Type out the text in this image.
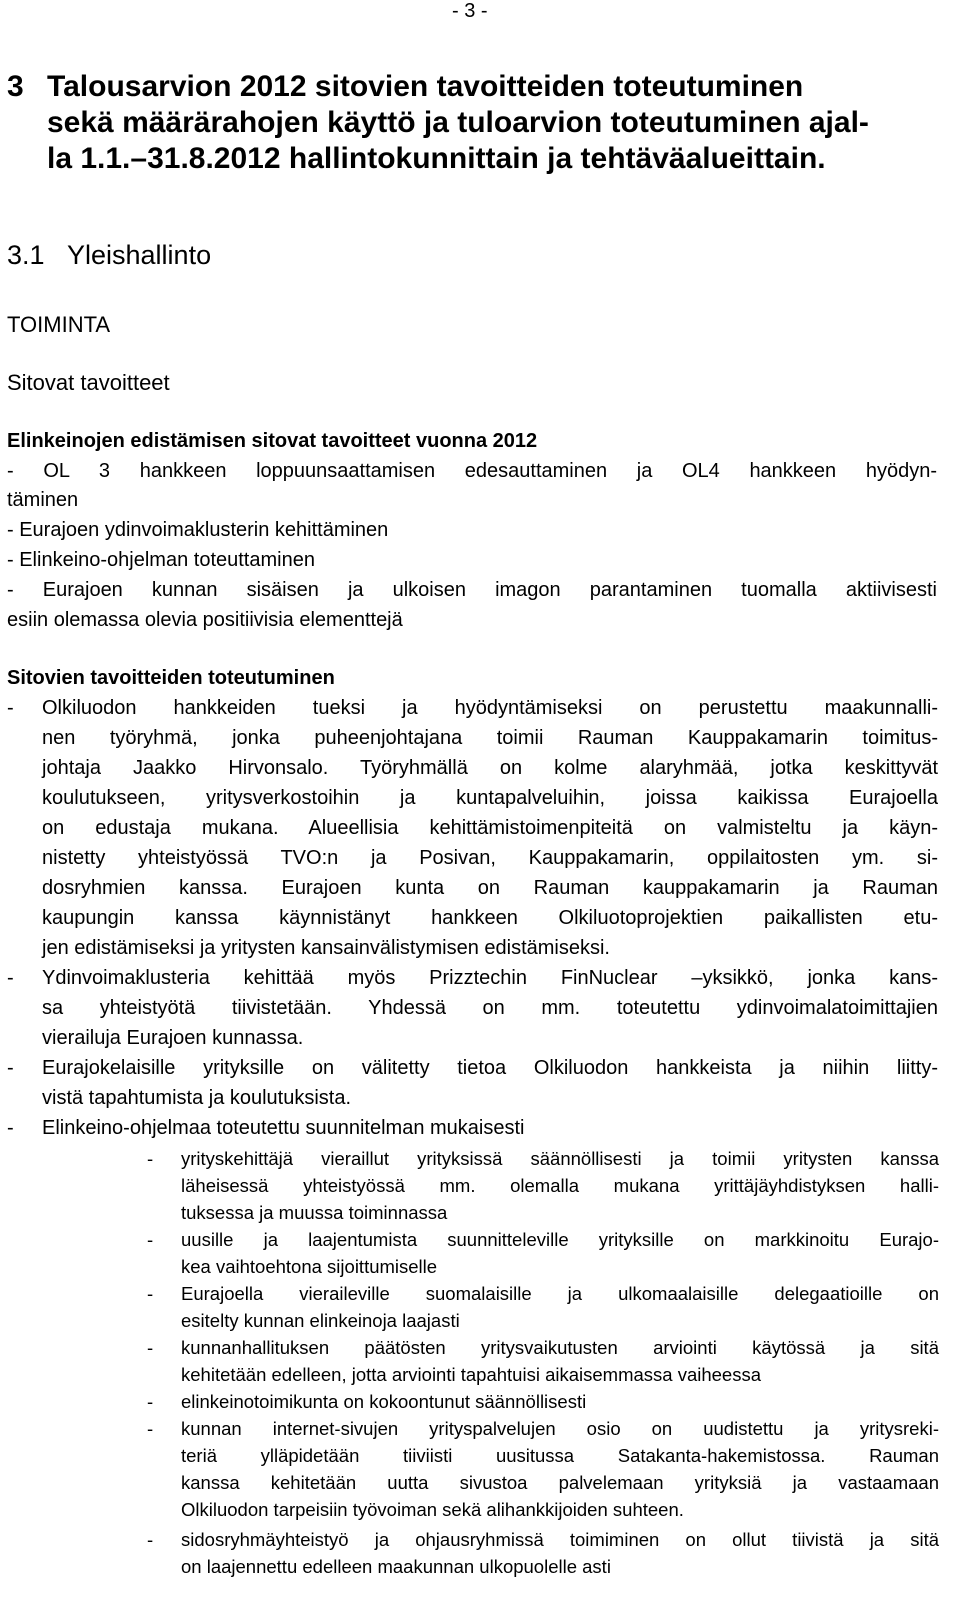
- 3 -
3 Talousarvion 2012 sitovien tavoitteiden toteutuminen
sekä määrärahojen käyttö ja tuloarvion toteutuminen ajal-
la 1.1.–31.8.2012 hallintokunnittain ja tehtäväalueittain.
3.1 Yleishallinto
TOIMINTA
Sitovat tavoitteet
Elinkeinojen edistämisen sitovat tavoitteet vuonna 2012
- OL 3 hankkeen loppuunsaattamisen edesauttaminen ja OL4 hankkeen hyödyn-
täminen
- Eurajoen ydinvoimaklusterin kehittäminen
- Elinkeino-ohjelman toteuttaminen
- Eurajoen kunnan sisäisen ja ulkoisen imagon parantaminen tuomalla aktiivisesti
esiin olemassa olevia positiivisia elementtejä
Sitovien tavoitteiden toteutuminen
- Olkiluodon hankkeiden tueksi ja hyödyntämiseksi on perustettu maakunnalli-
nen työryhmä, jonka puheenjohtajana toimii Rauman Kauppakamarin toimitus-
johtaja Jaakko Hirvonsalo. Työryhmällä on kolme alaryhmää, jotka keskittyvät
koulutukseen, yritysverkostoihin ja kuntapalveluihin, joissa kaikissa Eurajoella
on edustaja mukana. Alueellisia kehittämistoimenpiteitä on valmisteltu ja käyn-
nistetty yhteistyössä TVO:n ja Posivan, Kauppakamarin, oppilaitosten ym. si-
dosryhmien kanssa. Eurajoen kunta on Rauman kauppakamarin ja Rauman
kaupungin kanssa käynnistänyt hankkeen Olkiluotoprojektien paikallisten etu-
jen edistämiseksi ja yritysten kansainvälistymisen edistämiseksi.
- Ydinvoimaklusteria kehittää myös Prizztechin FinNuclear –yksikkö, jonka kans-
sa yhteistyötä tiivistetään. Yhdessä on mm. toteutettu ydinvoimalatoimittajien
vierailuja Eurajoen kunnassa.
- Eurajokelaisille yrityksille on välitetty tietoa Olkiluodon hankkeista ja niihin liitty-
vistä tapahtumista ja koulutuksista.
- Elinkeino-ohjelmaa toteutettu suunnitelman mukaisesti
- yrityskehittäjä vieraillut yrityksissä säännöllisesti ja toimii yritysten kanssa
läheisessä yhteistyössä mm. olemalla mukana yrittäjäyhdistyksen halli-
tuksessa ja muussa toiminnassa
- uusille ja laajentumista suunnitteleville yrityksille on markkinoitu Eurajo-
kea vaihtoehtona sijoittumiselle
- Eurajoella vieraileville suomalaisille ja ulkomaalaisille delegaatioille on
esitelty kunnan elinkeinoja laajasti
- kunnanhallituksen päätösten yritysvaikutusten arviointi käytössä ja sitä
kehitetään edelleen, jotta arviointi tapahtuisi aikaisemmassa vaiheessa
- elinkeinotoimikunta on kokoontunut säännöllisesti
- kunnan internet-sivujen yrityspalvelujen osio on uudistettu ja yritysreki-
teriä ylläpidetään tiiviisti uusitussa Satakanta-hakemistossa. Rauman
kanssa kehitetään uutta sivustoa palvelemaan yrityksiä ja vastaamaan
Olkiluodon tarpeisiin työvoiman sekä alihankkijoiden suhteen.
- sidosryhmäyhteistyö ja ohjausryhmissä toimiminen on ollut tiivistä ja sitä
on laajennettu edelleen maakunnan ulkopuolelle asti
